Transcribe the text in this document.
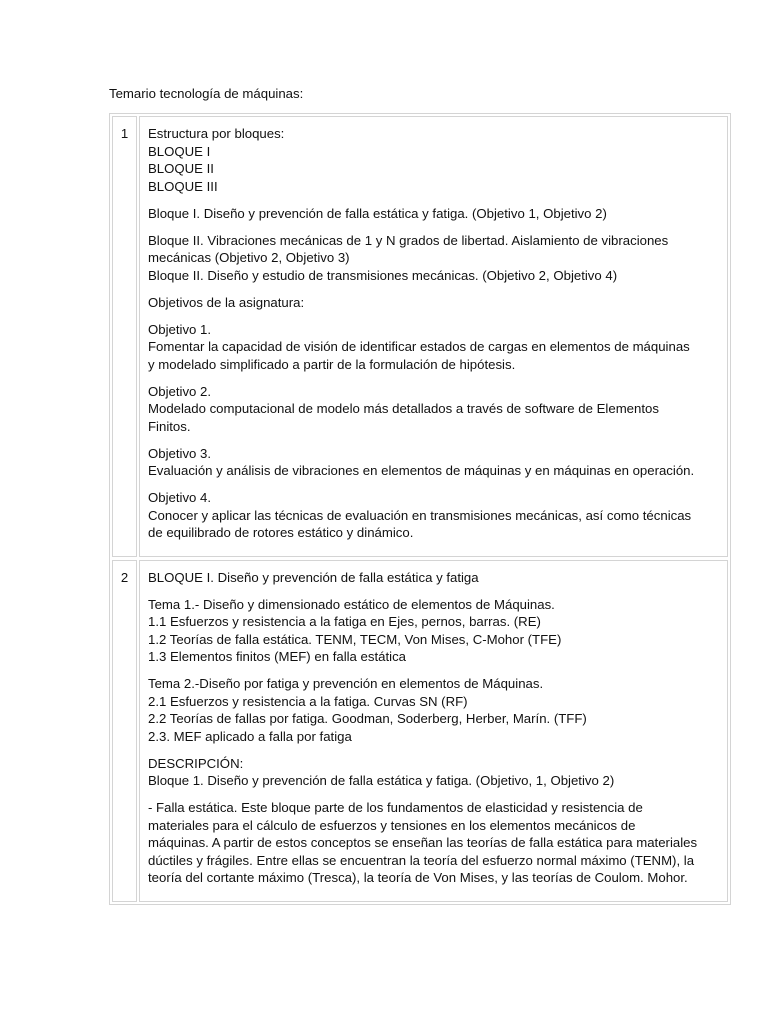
Temario tecnología de máquinas:
1	Estructura por bloques:
BLOQUE I
BLOQUE II
BLOQUE III
Bloque I. Diseño y prevención de falla estática y fatiga. (Objetivo 1, Objetivo 2)
Bloque II. Vibraciones mecánicas de 1 y N grados de libertad. Aislamiento de vibraciones
mecánicas (Objetivo 2, Objetivo 3)
Bloque II. Diseño y estudio de transmisiones mecánicas. (Objetivo 2, Objetivo 4)
Objetivos de la asignatura:
Objetivo 1.
Fomentar la capacidad de visión de identificar estados de cargas en elementos de máquinas
y modelado simplificado a partir de la formulación de hipótesis.
Objetivo 2.
Modelado computacional de modelo más detallados a través de software de Elementos
Finitos.
Objetivo 3.
Evaluación y análisis de vibraciones en elementos de máquinas y en máquinas en operación.
Objetivo 4.
Conocer y aplicar las técnicas de evaluación en transmisiones mecánicas, así como técnicas
de equilibrado de rotores estático y dinámico.
2	BLOQUE I. Diseño y prevención de falla estática y fatiga
Tema 1.- Diseño y dimensionado estático de elementos de Máquinas.
1.1 Esfuerzos y resistencia a la fatiga en Ejes, pernos, barras. (RE)
1.2 Teorías de falla estática. TENM, TECM, Von Mises, C-Mohor (TFE)
1.3 Elementos finitos (MEF) en falla estática
Tema 2.-Diseño por fatiga y prevención en elementos de Máquinas.
2.1 Esfuerzos y resistencia a la fatiga. Curvas SN (RF)
2.2 Teorías de fallas por fatiga. Goodman, Soderberg, Herber, Marín. (TFF)
2.3. MEF aplicado a falla por fatiga
DESCRIPCIÓN:
Bloque 1. Diseño y prevención de falla estática y fatiga. (Objetivo, 1, Objetivo 2)
- Falla estática. Este bloque parte de los fundamentos de elasticidad y resistencia de
materiales para el cálculo de esfuerzos y tensiones en los elementos mecánicos de
máquinas. A partir de estos conceptos se enseñan las teorías de falla estática para materiales
dúctiles y frágiles. Entre ellas se encuentran la teoría del esfuerzo normal máximo (TENM), la
teoría del cortante máximo (Tresca), la teoría de Von Mises, y las teorías de Coulom. Mohor.
